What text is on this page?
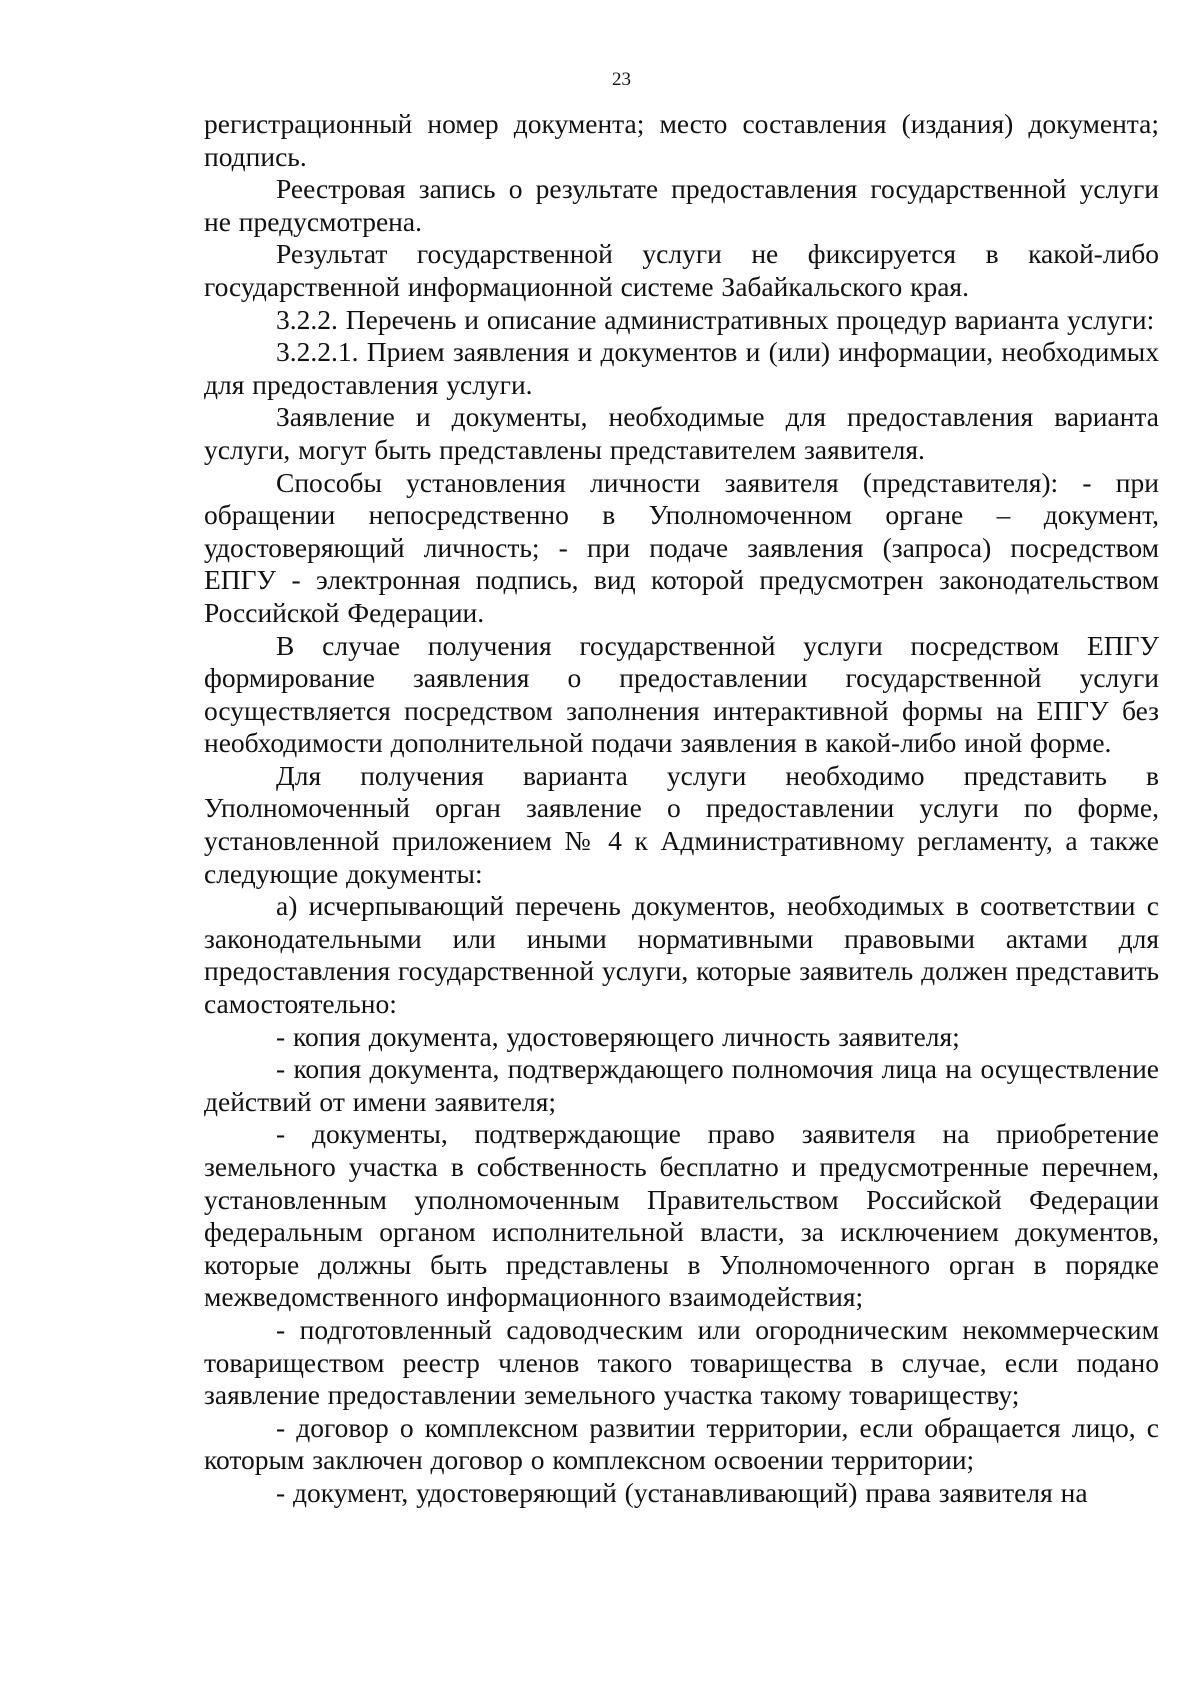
23

регистрационный номер документа; место составления (издания) документа; подпись.

Реестровая запись о результате предоставления государственной услуги не предусмотрена.

Результат государственной услуги не фиксируется в какой-либо государственной информационной системе Забайкальского края.

3.2.2. Перечень и описание административных процедур варианта услуги:

3.2.2.1. Прием заявления и документов и (или) информации, необходимых для предоставления услуги.

Заявление и документы, необходимые для предоставления варианта услуги, могут быть представлены представителем заявителя.

Способы установления личности заявителя (представителя): - при обращении непосредственно в Уполномоченном органе – документ, удостоверяющий личность; - при подаче заявления (запроса) посредством ЕПГУ - электронная подпись, вид которой предусмотрен законодательством Российской Федерации.

В случае получения государственной услуги посредством ЕПГУ формирование заявления о предоставлении государственной услуги осуществляется посредством заполнения интерактивной формы на ЕПГУ без необходимости дополнительной подачи заявления в какой-либо иной форме.

Для получения варианта услуги необходимо представить в Уполномоченный орган заявление о предоставлении услуги по форме, установленной приложением № 4 к Административному регламенту, а также следующие документы:

а) исчерпывающий перечень документов, необходимых в соответствии с законодательными или иными нормативными правовыми актами для предоставления государственной услуги, которые заявитель должен представить самостоятельно:

- копия документа, удостоверяющего личность заявителя;

- копия документа, подтверждающего полномочия лица на осуществление действий от имени заявителя;

- документы, подтверждающие право заявителя на приобретение земельного участка в собственность бесплатно и предусмотренные перечнем, установленным уполномоченным Правительством Российской Федерации федеральным органом исполнительной власти, за исключением документов, которые должны быть представлены в Уполномоченного орган в порядке межведомственного информационного взаимодействия;

- подготовленный садоводческим или огородническим некоммерческим товариществом реестр членов такого товарищества в случае, если подано заявление предоставлении земельного участка такому товариществу;

- договор о комплексном развитии территории, если обращается лицо, с которым заключен договор о комплексном освоении территории;

- документ, удостоверяющий (устанавливающий) права заявителя на
